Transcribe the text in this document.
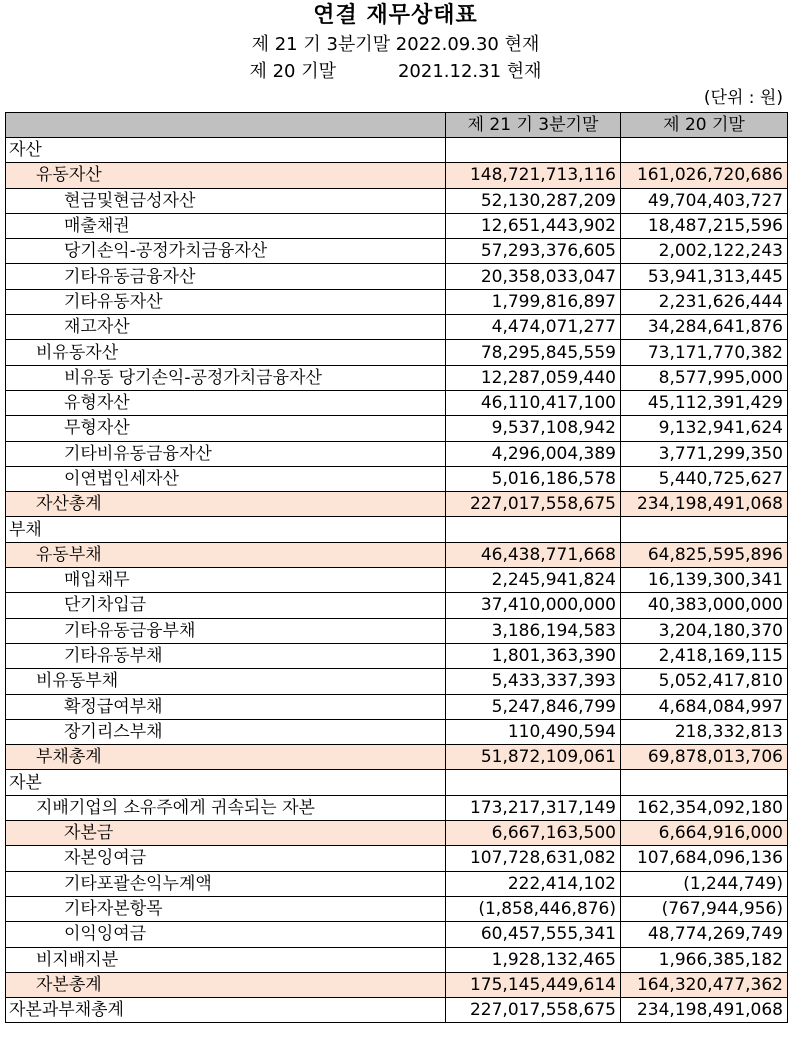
연결 재무상태표
제 21 기 3분기말 2022.09.30 현재
제 20 기말	2021.12.31 현재
(단위 : 원)
	제 21 기 3분기말	제 20 기말
자산		
유동자산	148,721,713,116	161,026,720,686
현금및현금성자산	52,130,287,209	49,704,403,727
매출채권	12,651,443,902	18,487,215,596
당기손익-공정가치금융자산	57,293,376,605	2,002,122,243
기타유동금융자산	20,358,033,047	53,941,313,445
기타유동자산	1,799,816,897	2,231,626,444
재고자산	4,474,071,277	34,284,641,876
비유동자산	78,295,845,559	73,171,770,382
비유동 당기손익-공정가치금융자산	12,287,059,440	8,577,995,000
유형자산	46,110,417,100	45,112,391,429
무형자산	9,537,108,942	9,132,941,624
기타비유동금융자산	4,296,004,389	3,771,299,350
이연법인세자산	5,016,186,578	5,440,725,627
자산총계	227,017,558,675	234,198,491,068
부채		
유동부채	46,438,771,668	64,825,595,896
매입채무	2,245,941,824	16,139,300,341
단기차입금	37,410,000,000	40,383,000,000
기타유동금융부채	3,186,194,583	3,204,180,370
기타유동부채	1,801,363,390	2,418,169,115
비유동부채	5,433,337,393	5,052,417,810
확정급여부채	5,247,846,799	4,684,084,997
장기리스부채	110,490,594	218,332,813
부채총계	51,872,109,061	69,878,013,706
자본		
지배기업의 소유주에게 귀속되는 자본	173,217,317,149	162,354,092,180
자본금	6,667,163,500	6,664,916,000
자본잉여금	107,728,631,082	107,684,096,136
기타포괄손익누계액	222,414,102	(1,244,749)
기타자본항목	(1,858,446,876)	(767,944,956)
이익잉여금	60,457,555,341	48,774,269,749
비지배지분	1,928,132,465	1,966,385,182
자본총계	175,145,449,614	164,320,477,362
자본과부채총계	227,017,558,675	234,198,491,068
